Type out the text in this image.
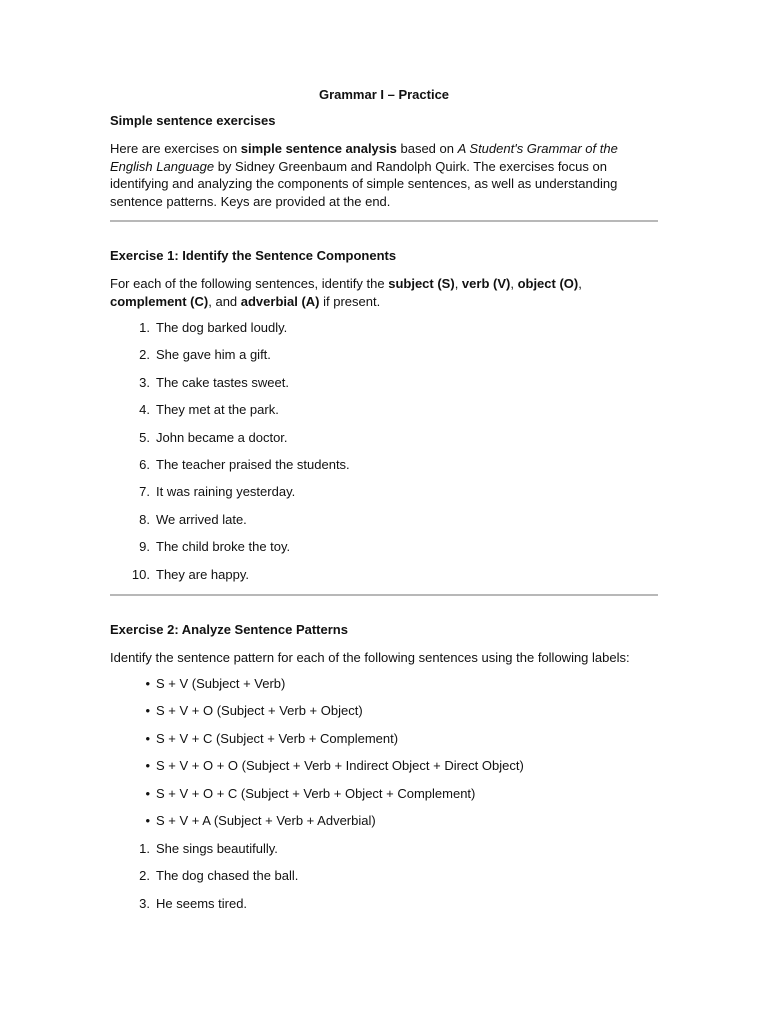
Grammar I – Practice
Simple sentence exercises
Here are exercises on simple sentence analysis based on A Student's Grammar of the English Language by Sidney Greenbaum and Randolph Quirk. The exercises focus on identifying and analyzing the components of simple sentences, as well as understanding sentence patterns. Keys are provided at the end.
Exercise 1: Identify the Sentence Components
For each of the following sentences, identify the subject (S), verb (V), object (O), complement (C), and adverbial (A) if present.
1. The dog barked loudly.
2. She gave him a gift.
3. The cake tastes sweet.
4. They met at the park.
5. John became a doctor.
6. The teacher praised the students.
7. It was raining yesterday.
8. We arrived late.
9. The child broke the toy.
10. They are happy.
Exercise 2: Analyze Sentence Patterns
Identify the sentence pattern for each of the following sentences using the following labels:
• S + V (Subject + Verb)
• S + V + O (Subject + Verb + Object)
• S + V + C (Subject + Verb + Complement)
• S + V + O + O (Subject + Verb + Indirect Object + Direct Object)
• S + V + O + C (Subject + Verb + Object + Complement)
• S + V + A (Subject + Verb + Adverbial)
1. She sings beautifully.
2. The dog chased the ball.
3. He seems tired.
